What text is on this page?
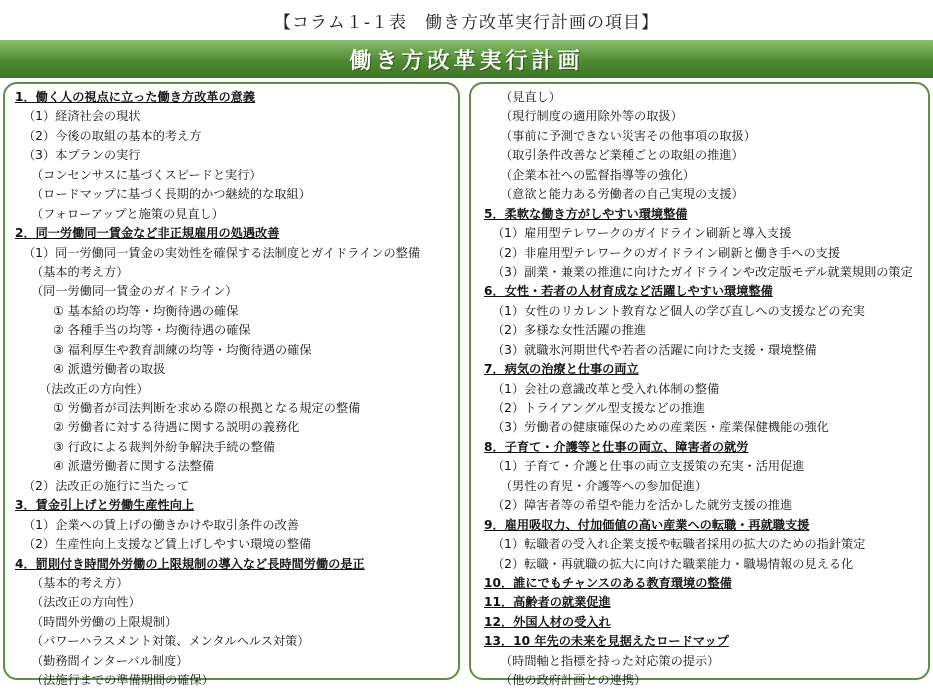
【コラム１-１表　働き方改革実行計画の項目】
働き方改革実行計画
1．働く人の視点に立った働き方改革の意義
（1）経済社会の現状
（2）今後の取組の基本的考え方
（3）本プランの実行
（コンセンサスに基づくスピードと実行）
（ロードマップに基づく長期的かつ継続的な取組）
（フォローアップと施策の見直し）
2．同一労働同一賃金など非正規雇用の処遇改善
（1）同一労働同一賃金の実効性を確保する法制度とガイドラインの整備
（基本的考え方）
（同一労働同一賃金のガイドライン）
① 基本給の均等・均衡待遇の確保
② 各種手当の均等・均衡待遇の確保
③ 福利厚生や教育訓練の均等・均衡待遇の確保
④ 派遣労働者の取扱
（法改正の方向性）
① 労働者が司法判断を求める際の根拠となる規定の整備
② 労働者に対する待遇に関する説明の義務化
③ 行政による裁判外紛争解決手続の整備
④ 派遣労働者に関する法整備
（2）法改正の施行に当たって
3．賃金引上げと労働生産性向上
（1）企業への賃上げの働きかけや取引条件の改善
（2）生産性向上支援など賃上げしやすい環境の整備
4．罰則付き時間外労働の上限規制の導入など長時間労働の是正
（基本的考え方）
（法改正の方向性）
（時間外労働の上限規制）
（パワーハラスメント対策、メンタルヘルス対策）
（勤務間インターバル制度）
（法施行までの準備期間の確保）
（見直し）
（現行制度の適用除外等の取扱）
（事前に予測できない災害その他事項の取扱）
（取引条件改善など業種ごとの取組の推進）
（企業本社への監督指導等の強化）
（意欲と能力ある労働者の自己実現の支援）
5．柔軟な働き方がしやすい環境整備
（1）雇用型テレワークのガイドライン刷新と導入支援
（2）非雇用型テレワークのガイドライン刷新と働き手への支援
（3）副業・兼業の推進に向けたガイドラインや改定版モデル就業規則の策定
6．女性・若者の人材育成など活躍しやすい環境整備
（1）女性のリカレント教育など個人の学び直しへの支援などの充実
（2）多様な女性活躍の推進
（3）就職氷河期世代や若者の活躍に向けた支援・環境整備
7．病気の治療と仕事の両立
（1）会社の意識改革と受入れ体制の整備
（2）トライアングル型支援などの推進
（3）労働者の健康確保のための産業医・産業保健機能の強化
8．子育て・介護等と仕事の両立、障害者の就労
（1）子育て・介護と仕事の両立支援策の充実・活用促進
（男性の育児・介護等への参加促進）
（2）障害者等の希望や能力を活かした就労支援の推進
9．雇用吸収力、付加価値の高い産業への転職・再就職支援
（1）転職者の受入れ企業支援や転職者採用の拡大のための指針策定
（2）転職・再就職の拡大に向けた職業能力・職場情報の見える化
10．誰にでもチャンスのある教育環境の整備
11．高齢者の就業促進
12．外国人材の受入れ
13．10 年先の未来を見据えたロードマップ
（時間軸と指標を持った対応策の提示）
（他の政府計画との連携）
